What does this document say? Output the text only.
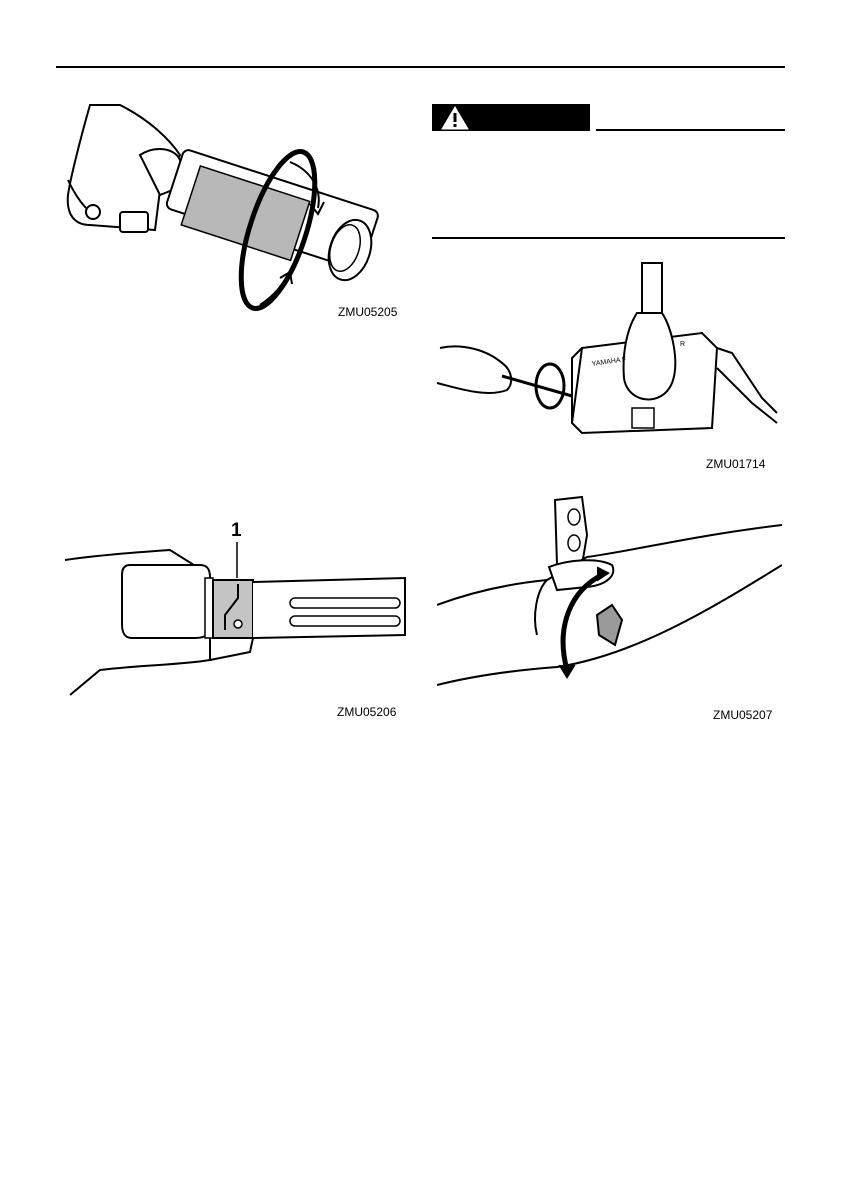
ZMU05205
YAMAHA F
R
ZMU01714
1
ZMU05206	ZMU05207
